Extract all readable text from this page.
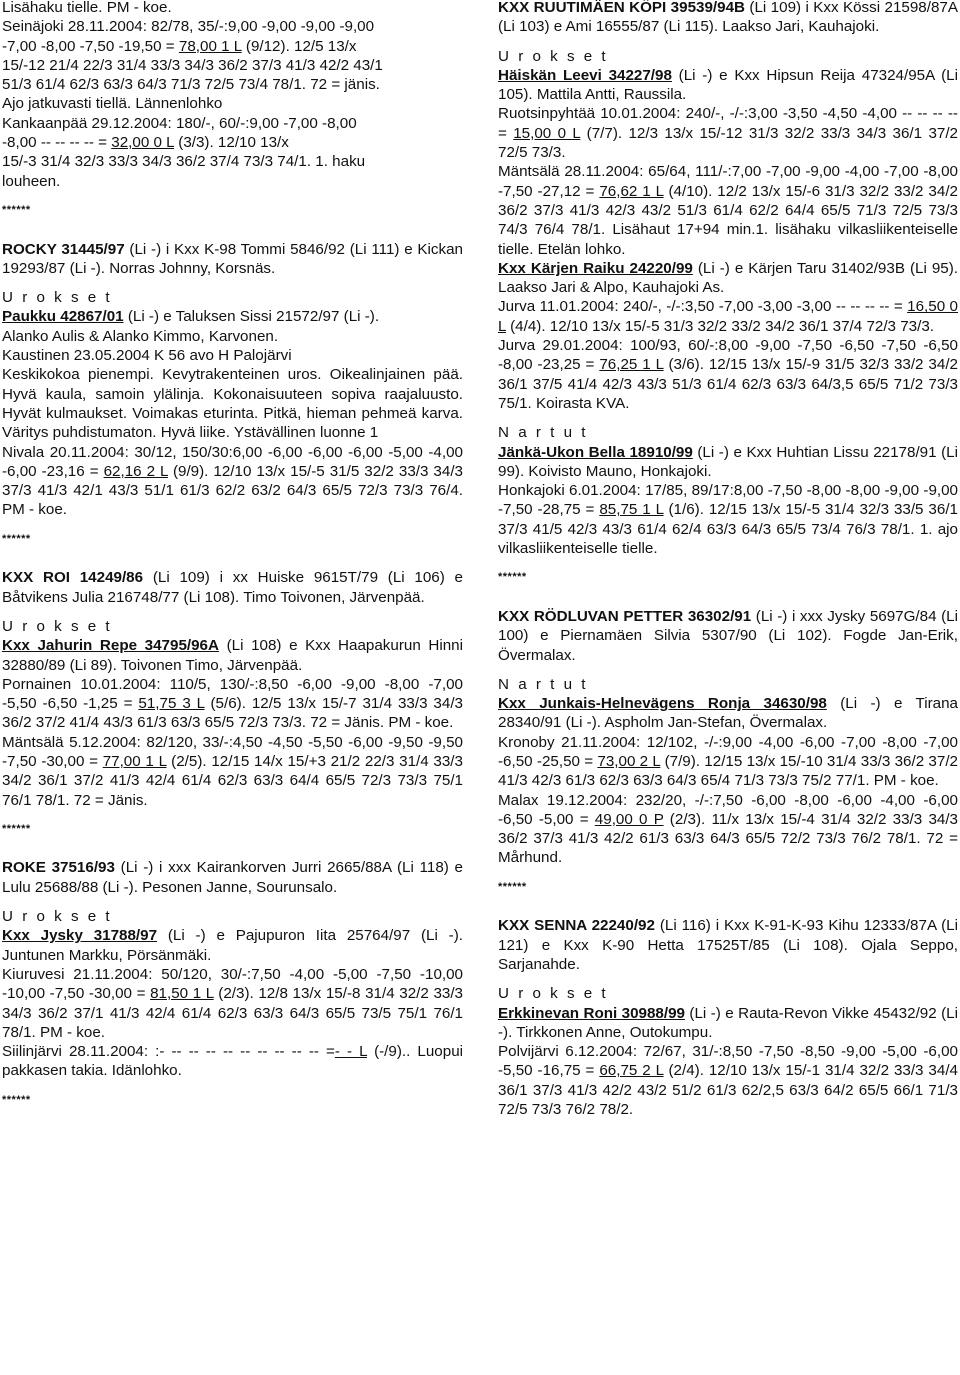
Lisähaku tielle. PM - koe.
Seinäjoki 28.11.2004: 82/78, 35/-:9,00 -9,00 -9,00 -9,00
-7,00 -8,00 -7,50 -19,50 = 78,00 1 L (9/12). 12/5 13/x
15/-12 21/4 22/3 31/4 33/3 34/3 36/2 37/3 41/3 42/2 43/1
51/3 61/4 62/3 63/3 64/3 71/3 72/5 73/4 78/1. 72 = jänis.
Ajo jatkuvasti tiellä. Lännenlohko
Kankaanpää 29.12.2004: 180/-, 60/-:9,00 -7,00 -8,00
-8,00 -- -- -- -- = 32,00 0 L (3/3). 12/10 13/x
15/-3 31/4 32/3 33/3 34/3 36/2 37/4 73/3 74/1. 1. haku
louheen.
******

ROCKY 31445/97 (Li -) i Kxx K-98 Tommi 5846/92 (Li 111) e Kickan 19293/87 (Li -). Norras Johnny, Korsnäs.

U r o k s e t

Paukku 42867/01 (Li -) e Taluksen Sissi 21572/97 (Li -).

Alanko Aulis & Alanko Kimmo, Karvonen.

Kaustinen 23.05.2004 K 56 avo H Palojärvi

Keskikokoa pienempi. Kevytrakenteinen uros. Oikealinjainen pää. Hyvä kaula, samoin ylälinja. Kokonaisuuteen sopiva raajaluusto. Hyvät kulmaukset. Voimakas eturinta. Pitkä, hieman pehmeä karva. Väritys puhdistumaton. Hyvä liike. Ystävällinen luonne 1

Nivala 20.11.2004: 30/12, 150/30:6,00 -6,00 -6,00 -6,00 -5,00 -4,00 -6,00 -23,16 = 62,16 2 L (9/9). 12/10 13/x 15/-5 31/5 32/2 33/3 34/3 37/3 41/3 42/1 43/3 51/1 61/3 62/2 63/2 64/3 65/5 72/3 73/3 76/4. PM - koe.

******

KXX ROI 14249/86 (Li 109) i xx Huiske 9615T/79 (Li 106) e Båtvikens Julia 216748/77 (Li 108). Timo Toivonen, Järvenpää.

U r o k s e t

Kxx Jahurin Repe 34795/96A (Li 108) e Kxx Haapakurun Hinni 32880/89 (Li 89). Toivonen Timo, Järvenpää.

Pornainen 10.01.2004: 110/5, 130/-:8,50 -6,00 -9,00 -8,00 -7,00 -5,50 -6,50 -1,25 = 51,75 3 L (5/6). 12/5 13/x 15/-7 31/4 33/3 34/3 36/2 37/2 41/4 43/3 61/3 63/3 65/5 72/3 73/3. 72 = Jänis. PM - koe.

Mäntsälä 5.12.2004: 82/120, 33/-:4,50 -4,50 -5,50 -6,00 -9,50 -9,50 -7,50 -30,00 = 77,00 1 L (2/5). 12/15 14/x 15/+3 21/2 22/3 31/4 33/3 34/2 36/1 37/2 41/3 42/4 61/4 62/3 63/3 64/4 65/5 72/3 73/3 75/1 76/1 78/1. 72 = Jänis.

******

ROKE 37516/93 (Li -) i xxx Kairankorven Jurri 2665/88A (Li 118) e Lulu 25688/88 (Li -). Pesonen Janne, Sourunsalo.

U r o k s e t

Kxx Jysky 31788/97 (Li -) e Pajupuron Iita 25764/97 (Li -). Juntunen Markku, Pörsänmäki.

Kiuruvesi 21.11.2004: 50/120, 30/-:7,50 -4,00 -5,00 -7,50 -10,00 -10,00 -7,50 -30,00 = 81,50 1 L (2/3). 12/8 13/x 15/-8 31/4 32/2 33/3 34/3 36/2 37/1 41/3 42/4 61/4 62/3 63/3 64/3 65/5 73/5 75/1 76/1 78/1. PM - koe.

Siilinjärvi 28.11.2004: :- -- -- -- -- -- -- -- -- -- =- - L (-/9).. Luopui pakkasen takia. Idänlohko.

******

KXX RUUTIMÄEN KÖPI 39539/94B (Li 109) i Kxx Kössi 21598/87A (Li 103) e Ami 16555/87 (Li 115). Laakso Jari, Kauhajoki.

U r o k s e t

Häiskän Leevi 34227/98 (Li -) e Kxx Hipsun Reija 47324/95A (Li 105). Mattila Antti, Raussila.

Ruotsinpyhtää 10.01.2004: 240/-, -/-:3,00 -3,50 -4,50 -4,00 -- -- -- -- = 15,00 0 L (7/7). 12/3 13/x 15/-12 31/3 32/2 33/3 34/3 36/1 37/2 72/5 73/3.

Mäntsälä 28.11.2004: 65/64, 111/-:7,00 -7,00 -9,00 -4,00 -7,00 -8,00 -7,50 -27,12 = 76,62 1 L (4/10). 12/2 13/x 15/-6 31/3 32/2 33/2 34/2 36/2 37/3 41/3 42/3 43/2 51/3 61/4 62/2 64/4 65/5 71/3 72/5 73/3 74/3 76/4 78/1. Lisähaut 17+94 min.1. lisähaku vilkasliikenteiselle tielle. Etelän lohko.

Kxx Kärjen Raiku 24220/99 (Li -) e Kärjen Taru 31402/93B (Li 95). Laakso Jari & Alpo, Kauhajoki As.

Jurva 11.01.2004: 240/-, -/-:3,50 -7,00 -3,00 -3,00 -- -- -- -- = 16,50 0 L (4/4). 12/10 13/x 15/-5 31/3 32/2 33/2 34/2 36/1 37/4 72/3 73/3.

Jurva 29.01.2004: 100/93, 60/-:8,00 -9,00 -7,50 -6,50 -7,50 -6,50 -8,00 -23,25 = 76,25 1 L (3/6). 12/15 13/x 15/-9 31/5 32/3 33/2 34/2 36/1 37/5 41/4 42/3 43/3 51/3 61/4 62/3 63/3 64/3,5 65/5 71/2 73/3 75/1. Koirasta KVA.

N a r t u t

Jänkä-Ukon Bella 18910/99 (Li -) e Kxx Huhtian Lissu 22178/91 (Li 99). Koivisto Mauno, Honkajoki.

Honkajoki 6.01.2004: 17/85, 89/17:8,00 -7,50 -8,00 -8,00 -9,00 -9,00 -7,50 -28,75 = 85,75 1 L (1/6). 12/15 13/x 15/-5 31/4 32/3 33/5 36/1 37/3 41/5 42/3 43/3 61/4 62/4 63/3 64/3 65/5 73/4 76/3 78/1. 1. ajo vilkasliikenteiselle tielle.

******

KXX RÖDLUVAN PETTER 36302/91 (Li -) i xxx Jysky 5697G/84 (Li 100) e Piernamäen Silvia 5307/90 (Li 102). Fogde Jan-Erik, Övermalax.

N a r t u t

Kxx Junkais-Helnevägens Ronja 34630/98 (Li -) e Tirana 28340/91 (Li -). Aspholm Jan-Stefan, Övermalax.

Kronoby 21.11.2004: 12/102, -/-:9,00 -4,00 -6,00 -7,00 -8,00 -7,00 -6,50 -25,50 = 73,00 2 L (7/9). 12/15 13/x 15/-10 31/4 33/3 36/2 37/2 41/3 42/3 61/3 62/3 63/3 64/3 65/4 71/3 73/3 75/2 77/1. PM - koe.

Malax 19.12.2004: 232/20, -/-:7,50 -6,00 -8,00 -6,00 -4,00 -6,00 -6,50 -5,00 = 49,00 0 P (2/3). 11/x 13/x 15/-4 31/4 32/2 33/3 34/3 36/2 37/3 41/3 42/2 61/3 63/3 64/3 65/5 72/2 73/3 76/2 78/1. 72 = Mårhund.

******

KXX SENNA 22240/92 (Li 116) i Kxx K-91-K-93 Kihu 12333/87A (Li 121) e Kxx K-90 Hetta 17525T/85 (Li 108). Ojala Seppo, Sarjanahde.

U r o k s e t

Erkkinevan Roni 30988/99 (Li -) e Rauta-Revon Vikke 45432/92 (Li -). Tirkkonen Anne, Outokumpu.

Polvijärvi 6.12.2004: 72/67, 31/-:8,50 -7,50 -8,50 -9,00 -5,00 -6,00 -5,50 -16,75 = 66,75 2 L (2/4). 12/10 13/x 15/-1 31/4 32/2 33/3 34/4 36/1 37/3 41/3 42/2 43/2 51/2 61/3 62/2,5 63/3 64/2 65/5 66/1 71/3 72/5 73/3 76/2 78/2.
